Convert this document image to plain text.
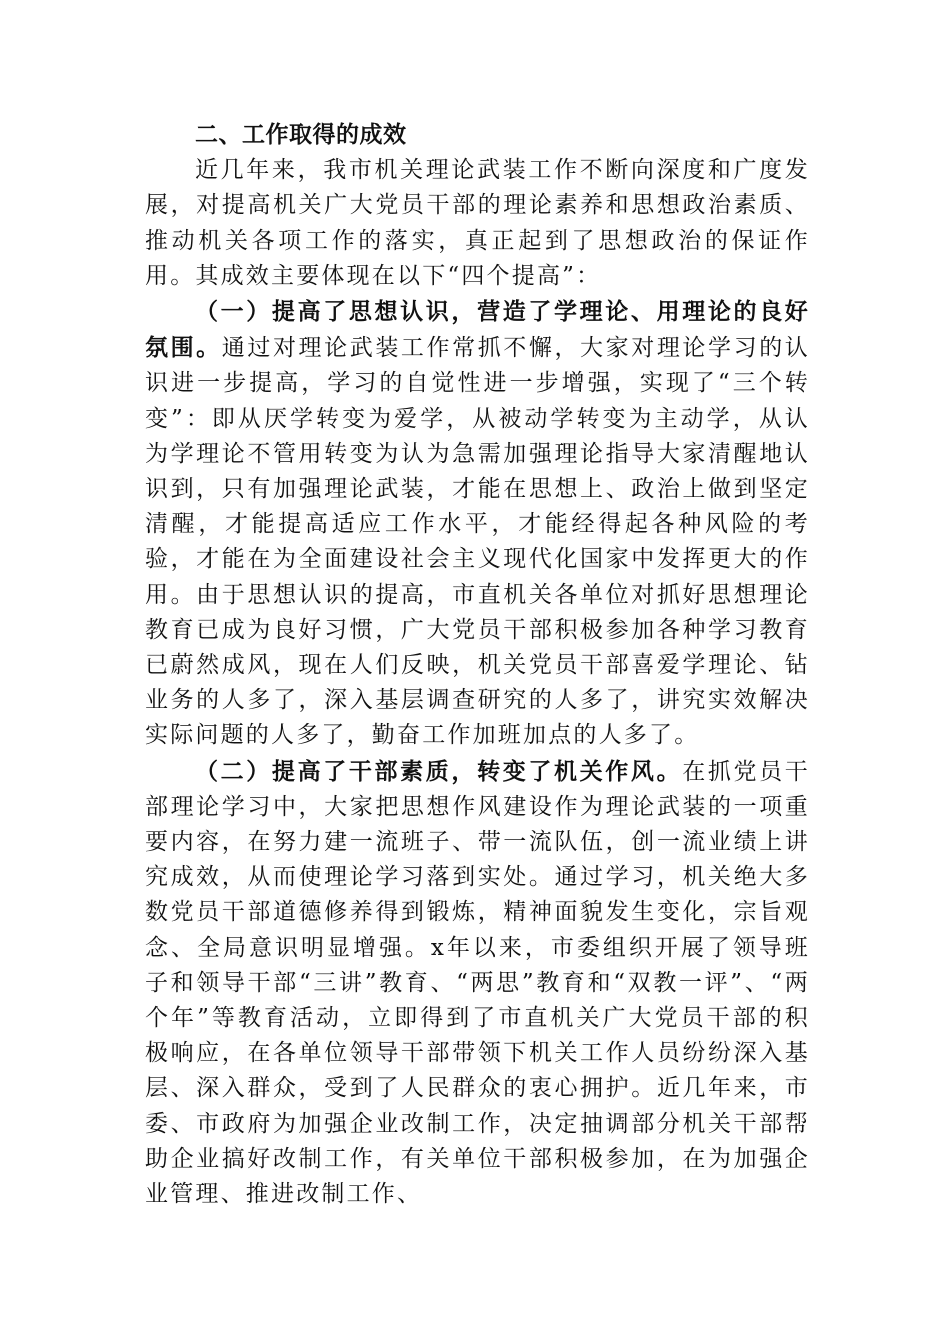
二、工作取得的成效

近几年来，我市机关理论武装工作不断向深度和广度发展，对提高机关广大党员干部的理论素养和思想政治素质、推动机关各项工作的落实，真正起到了思想政治的保证作用。其成效主要体现在以下“四个提高”：

（一）提高了思想认识，营造了学理论、用理论的良好氛围。通过对理论武装工作常抓不懈，大家对理论学习的认识进一步提高，学习的自觉性进一步增强，实现了“三个转变”：即从厌学转变为爱学，从被动学转变为主动学，从认为学理论不管用转变为认为急需加强理论指导大家清醒地认识到，只有加强理论武装，才能在思想上、政治上做到坚定清醒，才能提高适应工作水平，才能经得起各种风险的考验，才能在为全面建设社会主义现代化国家中发挥更大的作用。由于思想认识的提高，市直机关各单位对抓好思想理论教育已成为良好习惯，广大党员干部积极参加各种学习教育已蔚然成风，现在人们反映，机关党员干部喜爱学理论、钻业务的人多了，深入基层调查研究的人多了，讲究实效解决实际问题的人多了，勤奋工作加班加点的人多了。

（二）提高了干部素质，转变了机关作风。在抓党员干部理论学习中，大家把思想作风建设作为理论武装的一项重要内容，在努力建一流班子、带一流队伍，创一流业绩上讲究成效，从而使理论学习落到实处。通过学习，机关绝大多数党员干部道德修养得到锻炼，精神面貌发生变化，宗旨观念、全局意识明显增强。x年以来，市委组织开展了领导班子和领导干部“三讲”教育、“两思”教育和“双教一评”、“两个年”等教育活动，立即得到了市直机关广大党员干部的积极响应，在各单位领导干部带领下机关工作人员纷纷深入基层、深入群众，受到了人民群众的衷心拥护。近几年来，市委、市政府为加强企业改制工作，决定抽调部分机关干部帮助企业搞好改制工作，有关单位干部积极参加，在为加强企业管理、推进改制工作、
